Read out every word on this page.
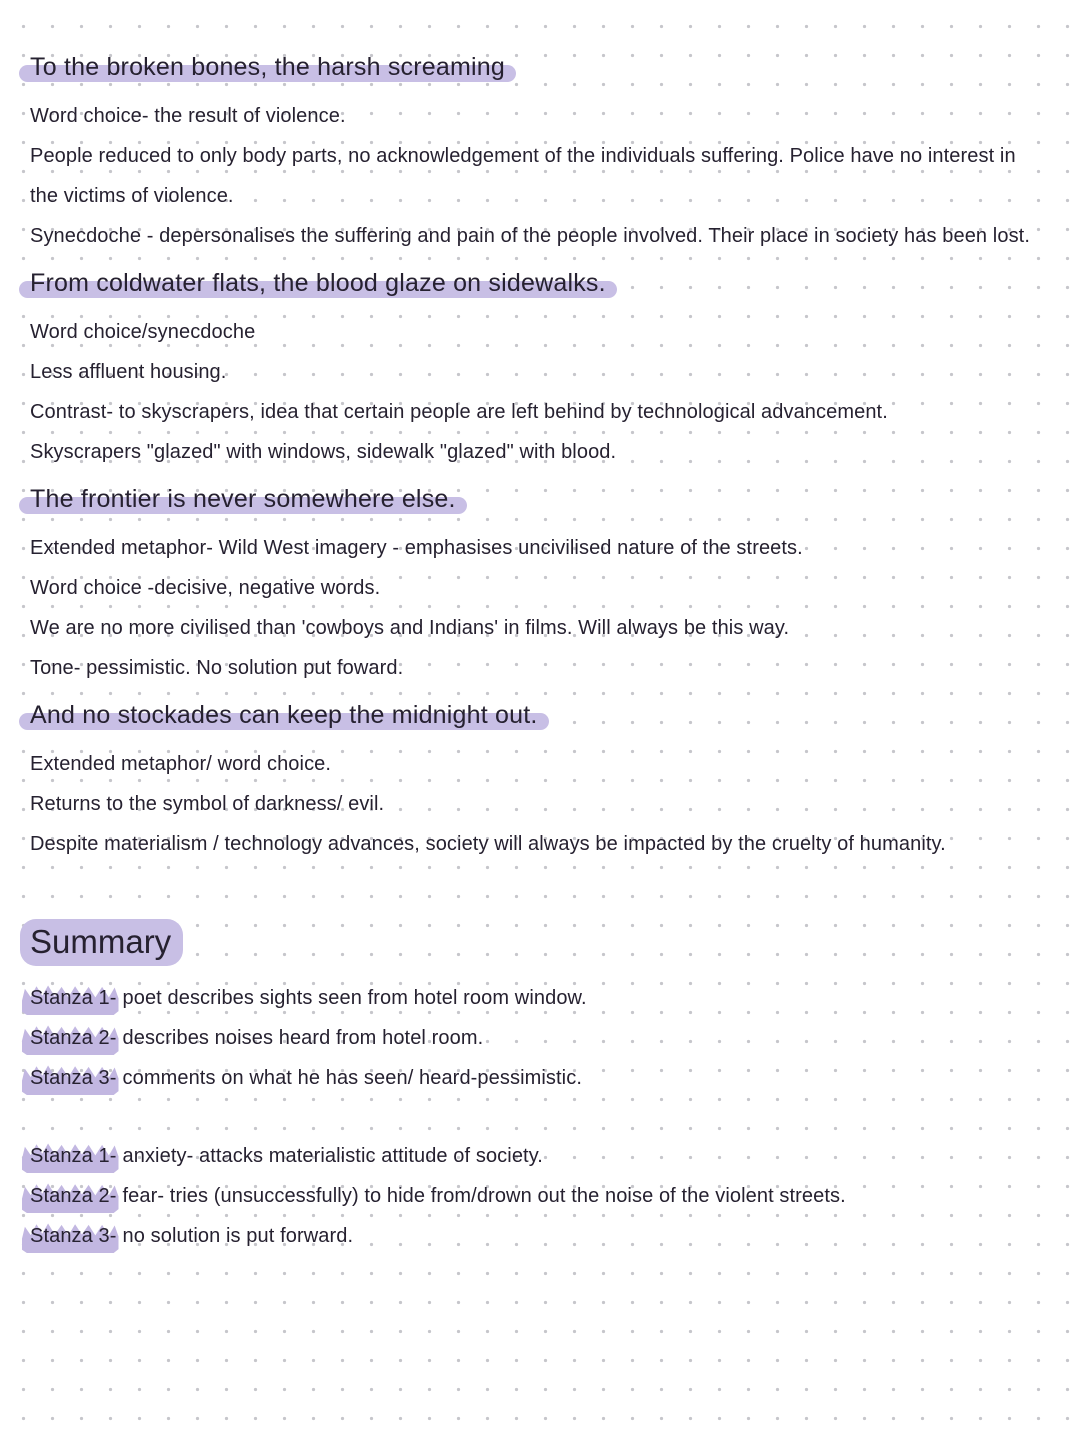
To the broken bones, the harsh screaming

Word choice- the result of violence.

People reduced to only body parts, no acknowledgement of the individuals suffering. Police have no interest in the victims of violence.

Synecdoche - depersonalises the suffering and pain of the people involved. Their place in society has been lost.

From coldwater flats, the blood glaze on sidewalks.

Word choice/synecdoche

Less affluent housing.

Contrast- to skyscrapers, idea that certain people are left behind by technological advancement.

Skyscrapers "glazed" with windows, sidewalk "glazed" with blood.

The frontier is never somewhere else.

Extended metaphor- Wild West imagery - emphasises uncivilised nature of the streets.

Word choice -decisive, negative words.

We are no more civilised than 'cowboys and Indians' in films. Will always be this way.

Tone- pessimistic. No solution put foward.

And no stockades can keep the midnight out.

Extended metaphor/ word choice.

Returns to the symbol of darkness/ evil.

Despite materialism / technology advances, society will always be impacted by the cruelty of humanity.

Summary

Stanza 1- poet describes sights seen from hotel room window.

Stanza 2- describes noises heard from hotel room.

Stanza 3- comments on what he has seen/ heard-pessimistic.

Stanza 1- anxiety- attacks materialistic attitude of society.

Stanza 2- fear- tries (unsuccessfully) to hide from/drown out the noise of the violent streets.

Stanza 3- no solution is put forward.
